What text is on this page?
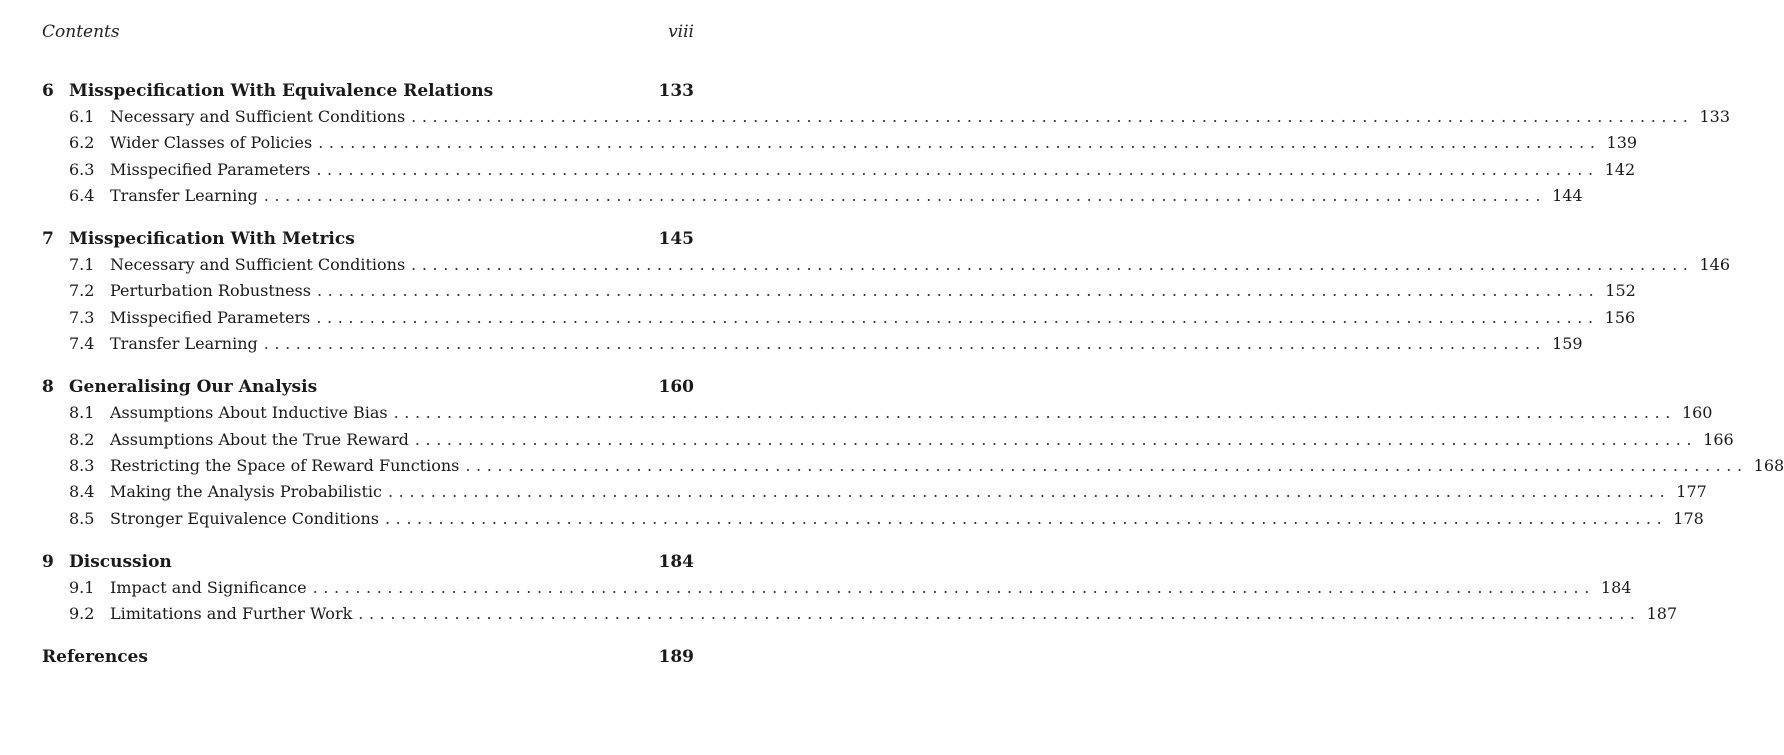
Contents	viii
6 Misspecification With Equivalence Relations	133
6.1 Necessary and Sufficient Conditions ........................................................................................................................ 133
6.2 Wider Classes of Policies ........................................................................................................................ 139
6.3 Misspecified Parameters ........................................................................................................................ 142
6.4 Transfer Learning ........................................................................................................................ 144
7 Misspecification With Metrics	145
7.1 Necessary and Sufficient Conditions ........................................................................................................................ 146
7.2 Perturbation Robustness ........................................................................................................................ 152
7.3 Misspecified Parameters ........................................................................................................................ 156
7.4 Transfer Learning ........................................................................................................................ 159
8 Generalising Our Analysis	160
8.1 Assumptions About Inductive Bias ........................................................................................................................ 160
8.2 Assumptions About the True Reward ........................................................................................................................ 166
8.3 Restricting the Space of Reward Functions ........................................................................................................................ 168
8.4 Making the Analysis Probabilistic ........................................................................................................................ 177
8.5 Stronger Equivalence Conditions ........................................................................................................................ 178
9 Discussion	184
9.1 Impact and Significance ........................................................................................................................ 184
9.2 Limitations and Further Work ........................................................................................................................ 187
References	189
